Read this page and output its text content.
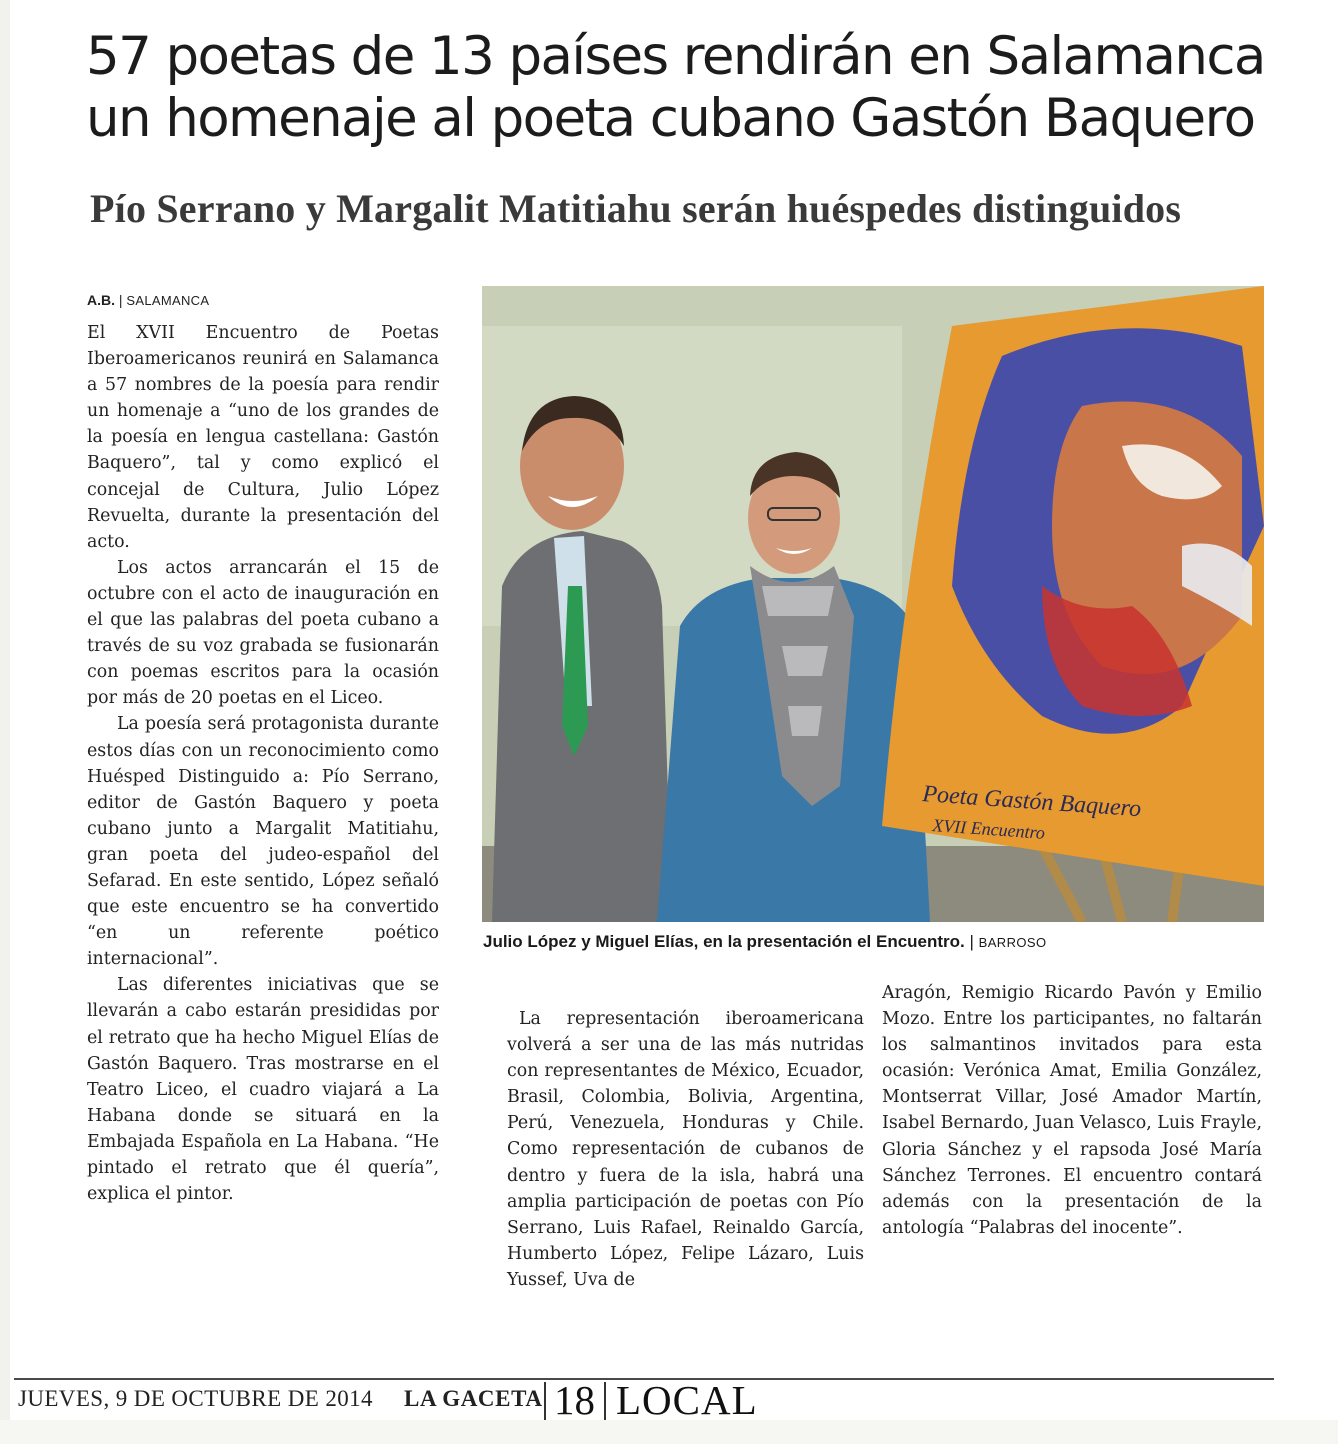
57 poetas de 13 países rendirán en Salamanca
un homenaje al poeta cubano Gastón Baquero
Pío Serrano y Margalit Matitiahu serán huéspedes distinguidos
A.B. | SALAMANCA

El XVII Encuentro de Poetas Iberoamericanos reunirá en Salamanca a 57 nombres de la poesía para rendir un homenaje a “uno de los grandes de la poesía en lengua castellana: Gastón Baquero”, tal y como explicó el concejal de Cultura, Julio López Revuelta, durante la presentación del acto.

Los actos arrancarán el 15 de octubre con el acto de inauguración en el que las palabras del poeta cubano a través de su voz grabada se fusionarán con poemas escritos para la ocasión por más de 20 poetas en el Liceo.

La poesía será protagonista durante estos días con un reconocimiento como Huésped Distinguido a: Pío Serrano, editor de Gastón Baquero y poeta cubano junto a Margalit Matitiahu, gran poeta del judeo-español del Sefarad. En este sentido, López señaló que este encuentro se ha convertido “en un referente poético internacional”.

Las diferentes iniciativas que se llevarán a cabo estarán presididas por el retrato que ha hecho Miguel Elías de Gastón Baquero. Tras mostrarse en el Teatro Liceo, el cuadro viajará a La Habana donde se situará en la Embajada Española en La Habana. “He pintado el retrato que él quería”, explica el pintor.

Poeta Gastón Baquero
XVII Encuentro
Julio López y Miguel Elías, en la presentación el Encuentro. | BARROSO

La representación iberoamericana volverá a ser una de las más nutridas con representantes de México, Ecuador, Brasil, Colombia, Bolivia, Argentina, Perú, Venezuela, Honduras y Chile. Como representación de cubanos de dentro y fuera de la isla, habrá una amplia participación de poetas con Pío Serrano, Luis Rafael, Reinaldo García, Humberto López, Felipe Lázaro, Luis Yussef, Uva de

Aragón, Remigio Ricardo Pavón y Emilio Mozo. Entre los participantes, no faltarán los salmantinos invitados para esta ocasión: Verónica Amat, Emilia González, Montserrat Villar, José Amador Martín, Isabel Bernardo, Juan Velasco, Luis Frayle, Gloria Sánchez y el rapsoda José María Sánchez Terrones. El encuentro contará además con la presentación de la antología “Palabras del inocente”.

JUEVES, 9 DE OCTUBRE DE 2014 LA GACETA 18 LOCAL
